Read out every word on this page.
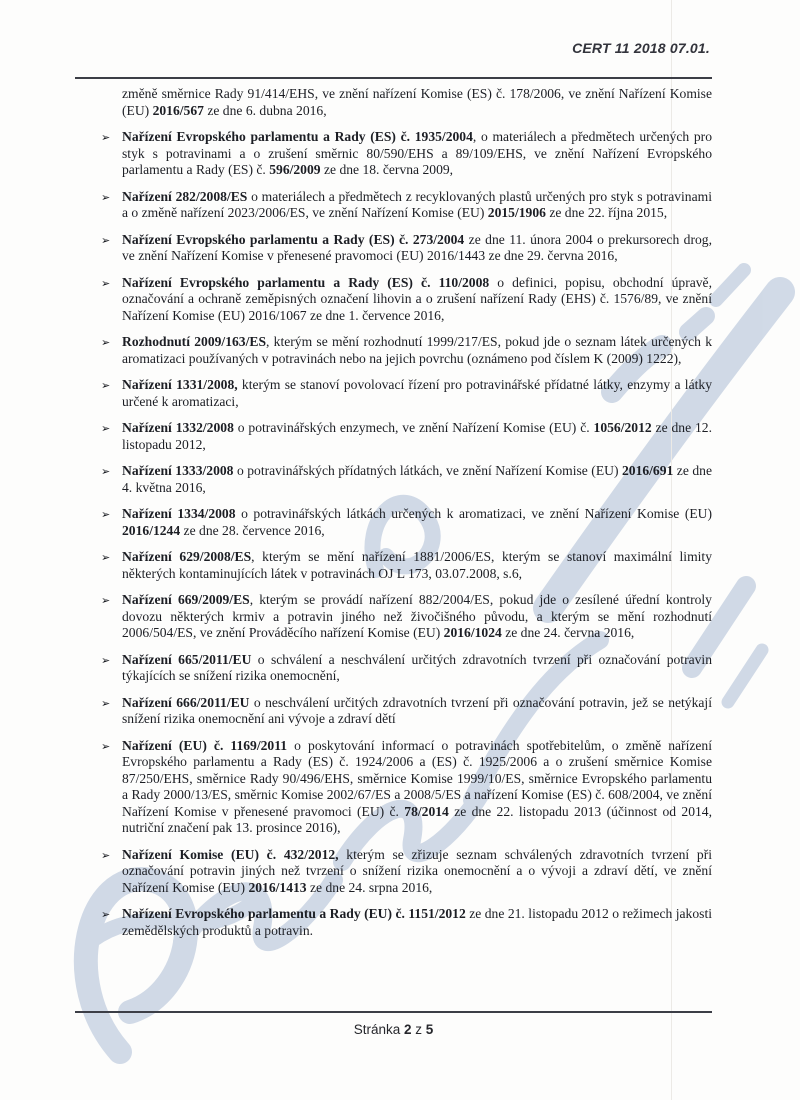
CERT 11 2018 07.01.

změně směrnice Rady 91/414/EHS, ve znění nařízení Komise (ES) č. 178/2006, ve znění Nařízení Komise (EU) 2016/567 ze dne 6. dubna 2016,

➢ Nařízení Evropského parlamentu a Rady (ES) č. 1935/2004, o materiálech a předmětech určených pro styk s potravinami a o zrušení směrnic 80/590/EHS a 89/109/EHS, ve znění Nařízení Evropského parlamentu a Rady (ES) č. 596/2009 ze dne 18. června 2009,

➢ Nařízení 282/2008/ES o materiálech a předmětech z recyklovaných plastů určených pro styk s potravinami a o změně nařízení 2023/2006/ES, ve znění Nařízení Komise (EU) 2015/1906 ze dne 22. října 2015,

➢ Nařízení Evropského parlamentu a Rady (ES) č. 273/2004 ze dne 11. února 2004 o prekursorech drog, ve znění Nařízení Komise v přenesené pravomoci (EU) 2016/1443 ze dne 29. června 2016,

➢ Nařízení Evropského parlamentu a Rady (ES) č. 110/2008 o definici, popisu, obchodní úpravě, označování a ochraně zeměpisných označení lihovin a o zrušení nařízení Rady (EHS) č. 1576/89, ve znění Nařízení Komise (EU) 2016/1067 ze dne 1. července 2016,

➢ Rozhodnutí 2009/163/ES, kterým se mění rozhodnutí 1999/217/ES, pokud jde o seznam látek určených k aromatizaci používaných v potravinách nebo na jejich povrchu (oznámeno pod číslem K (2009) 1222),

➢ Nařízení 1331/2008, kterým se stanoví povolovací řízení pro potravinářské přídatné látky, enzymy a látky určené k aromatizaci,

➢ Nařízení 1332/2008 o potravinářských enzymech, ve znění Nařízení Komise (EU) č. 1056/2012 ze dne 12. listopadu 2012,

➢ Nařízení 1333/2008 o potravinářských přídatných látkách, ve znění Nařízení Komise (EU) 2016/691 ze dne 4. května 2016,

➢ Nařízení 1334/2008 o potravinářských látkách určených k aromatizaci, ve znění Nařízení Komise (EU) 2016/1244 ze dne 28. července 2016,

➢ Nařízení 629/2008/ES, kterým se mění nařízení 1881/2006/ES, kterým se stanoví maximální limity některých kontaminujících látek v potravinách OJ L 173, 03.07.2008, s.6,

➢ Nařízení 669/2009/ES, kterým se provádí nařízení 882/2004/ES, pokud jde o zesílené úřední kontroly dovozu některých krmiv a potravin jiného než živočišného původu, a kterým se mění rozhodnutí 2006/504/ES, ve znění Prováděcího nařízení Komise (EU) 2016/1024 ze dne 24. června 2016,

➢ Nařízení 665/2011/EU o schválení a neschválení určitých zdravotních tvrzení při označování potravin týkajících se snížení rizika onemocnění,

➢ Nařízení 666/2011/EU o neschválení určitých zdravotních tvrzení při označování potravin, jež se netýkají snížení rizika onemocnění ani vývoje a zdraví dětí

➢ Nařízení (EU) č. 1169/2011 o poskytování informací o potravinách spotřebitelům, o změně nařízení Evropského parlamentu a Rady (ES) č. 1924/2006 a (ES) č. 1925/2006 a o zrušení směrnice Komise 87/250/EHS, směrnice Rady 90/496/EHS, směrnice Komise 1999/10/ES, směrnice Evropského parlamentu a Rady 2000/13/ES, směrnic Komise 2002/67/ES a 2008/5/ES a nařízení Komise (ES) č. 608/2004, ve znění Nařízení Komise v přenesené pravomoci (EU) č. 78/2014 ze dne 22. listopadu 2013 (účinnost od 2014, nutriční značení pak 13. prosince 2016),

➢ Nařízení Komise (EU) č. 432/2012, kterým se zřizuje seznam schválených zdravotních tvrzení při označování potravin jiných než tvrzení o snížení rizika onemocnění a o vývoji a zdraví dětí, ve znění Nařízení Komise (EU) 2016/1413 ze dne 24. srpna 2016,

➢ Nařízení Evropského parlamentu a Rady (EU) č. 1151/2012 ze dne 21. listopadu 2012 o režimech jakosti zemědělských produktů a potravin.

Stránka 2 z 5
